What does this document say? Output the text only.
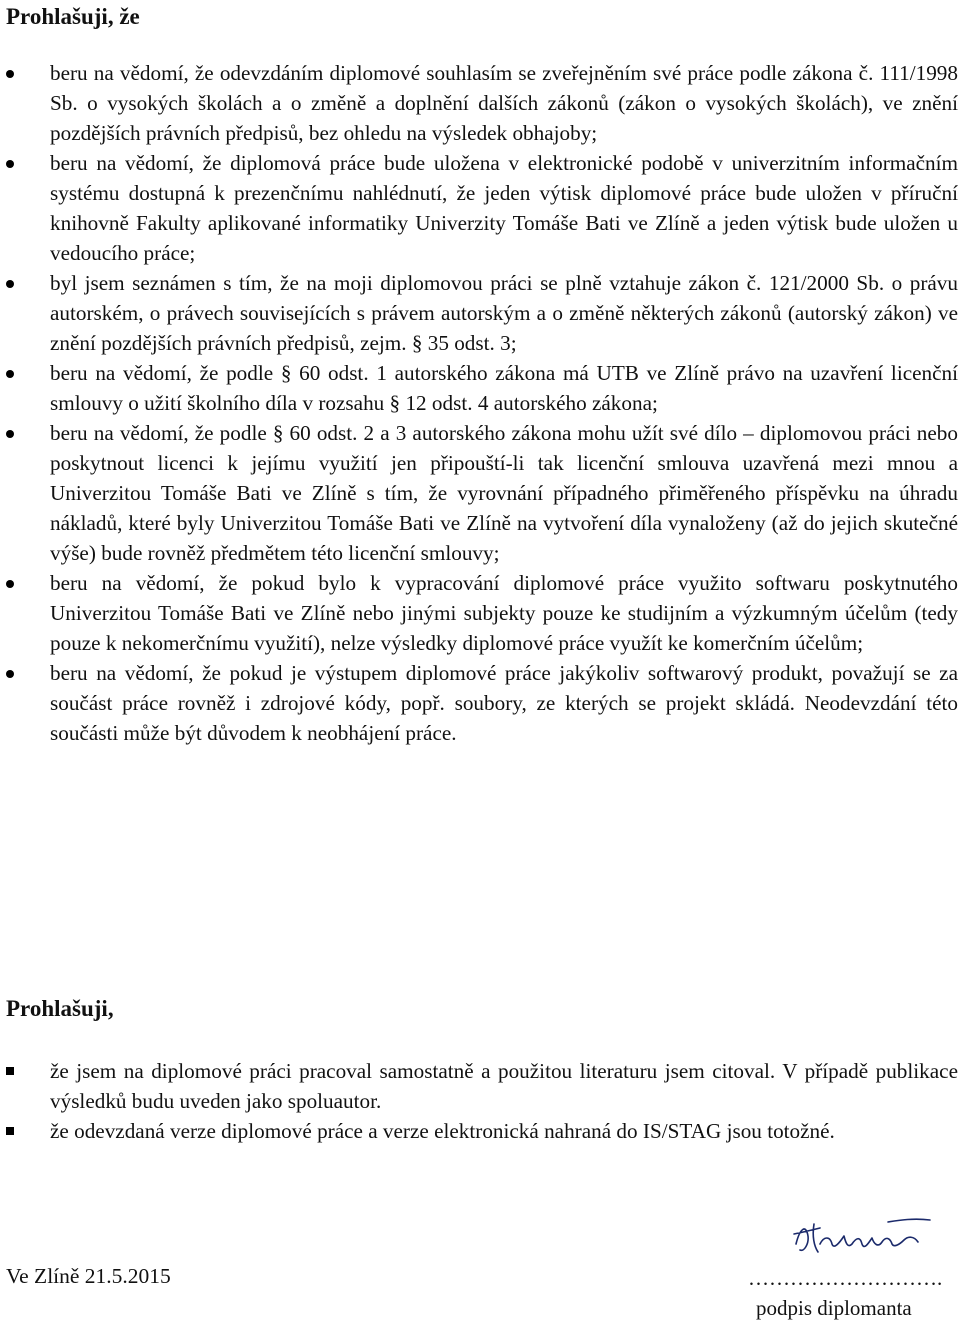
Prohlašuji, že
beru na vědomí, že odevzdáním diplomové souhlasím se zveřejněním své práce podle zákona č. 111/1998 Sb. o vysokých školách a o změně a doplnění dalších zákonů (zákon o vysokých školách), ve znění pozdějších právních předpisů, bez ohledu na výsledek obhajoby;
beru na vědomí, že diplomová práce bude uložena v elektronické podobě v univerzitním informačním systému dostupná k prezenčnímu nahlédnutí, že jeden výtisk diplomové práce bude uložen v příruční knihovně Fakulty aplikované informatiky Univerzity Tomáše Bati ve Zlíně a jeden výtisk bude uložen u vedoucího práce;
byl jsem seznámen s tím, že na moji diplomovou práci se plně vztahuje zákon č. 121/2000 Sb. o právu autorském, o právech souvisejících s právem autorským a o změně některých zákonů (autorský zákon) ve znění pozdějších právních předpisů, zejm. § 35 odst. 3;
beru na vědomí, že podle § 60 odst. 1 autorského zákona má UTB ve Zlíně právo na uzavření licenční smlouvy o užití školního díla v rozsahu § 12 odst. 4 autorského zákona;
beru na vědomí, že podle § 60 odst. 2 a 3 autorského zákona mohu užít své dílo – diplomovou práci nebo poskytnout licenci k jejímu využití jen připouští-li tak licenční smlouva uzavřená mezi mnou a Univerzitou Tomáše Bati ve Zlíně s tím, že vyrovnání případného přiměřeného příspěvku na úhradu nákladů, které byly Univerzitou Tomáše Bati ve Zlíně na vytvoření díla vynaloženy (až do jejich skutečné výše) bude rovněž předmětem této licenční smlouvy;
beru na vědomí, že pokud bylo k vypracování diplomové práce využito softwaru poskytnutého Univerzitou Tomáše Bati ve Zlíně nebo jinými subjekty pouze ke studijním a výzkumným účelům (tedy pouze k nekomerčnímu využití), nelze výsledky diplomové práce využít ke komerčním účelům;
beru na vědomí, že pokud je výstupem diplomové práce jakýkoliv softwarový produkt, považují se za součást práce rovněž i zdrojové kódy, popř. soubory, ze kterých se projekt skládá. Neodevzdání této součásti může být důvodem k neobhájení práce.
Prohlašuji,
že jsem na diplomové práci pracoval samostatně a použitou literaturu jsem citoval. V případě publikace výsledků budu uveden jako spoluautor.
že odevzdaná verze diplomové práce a verze elektronická nahraná do IS/STAG jsou totožné.
Ve Zlíně 21.5.2015	……………………….
podpis diplomanta
